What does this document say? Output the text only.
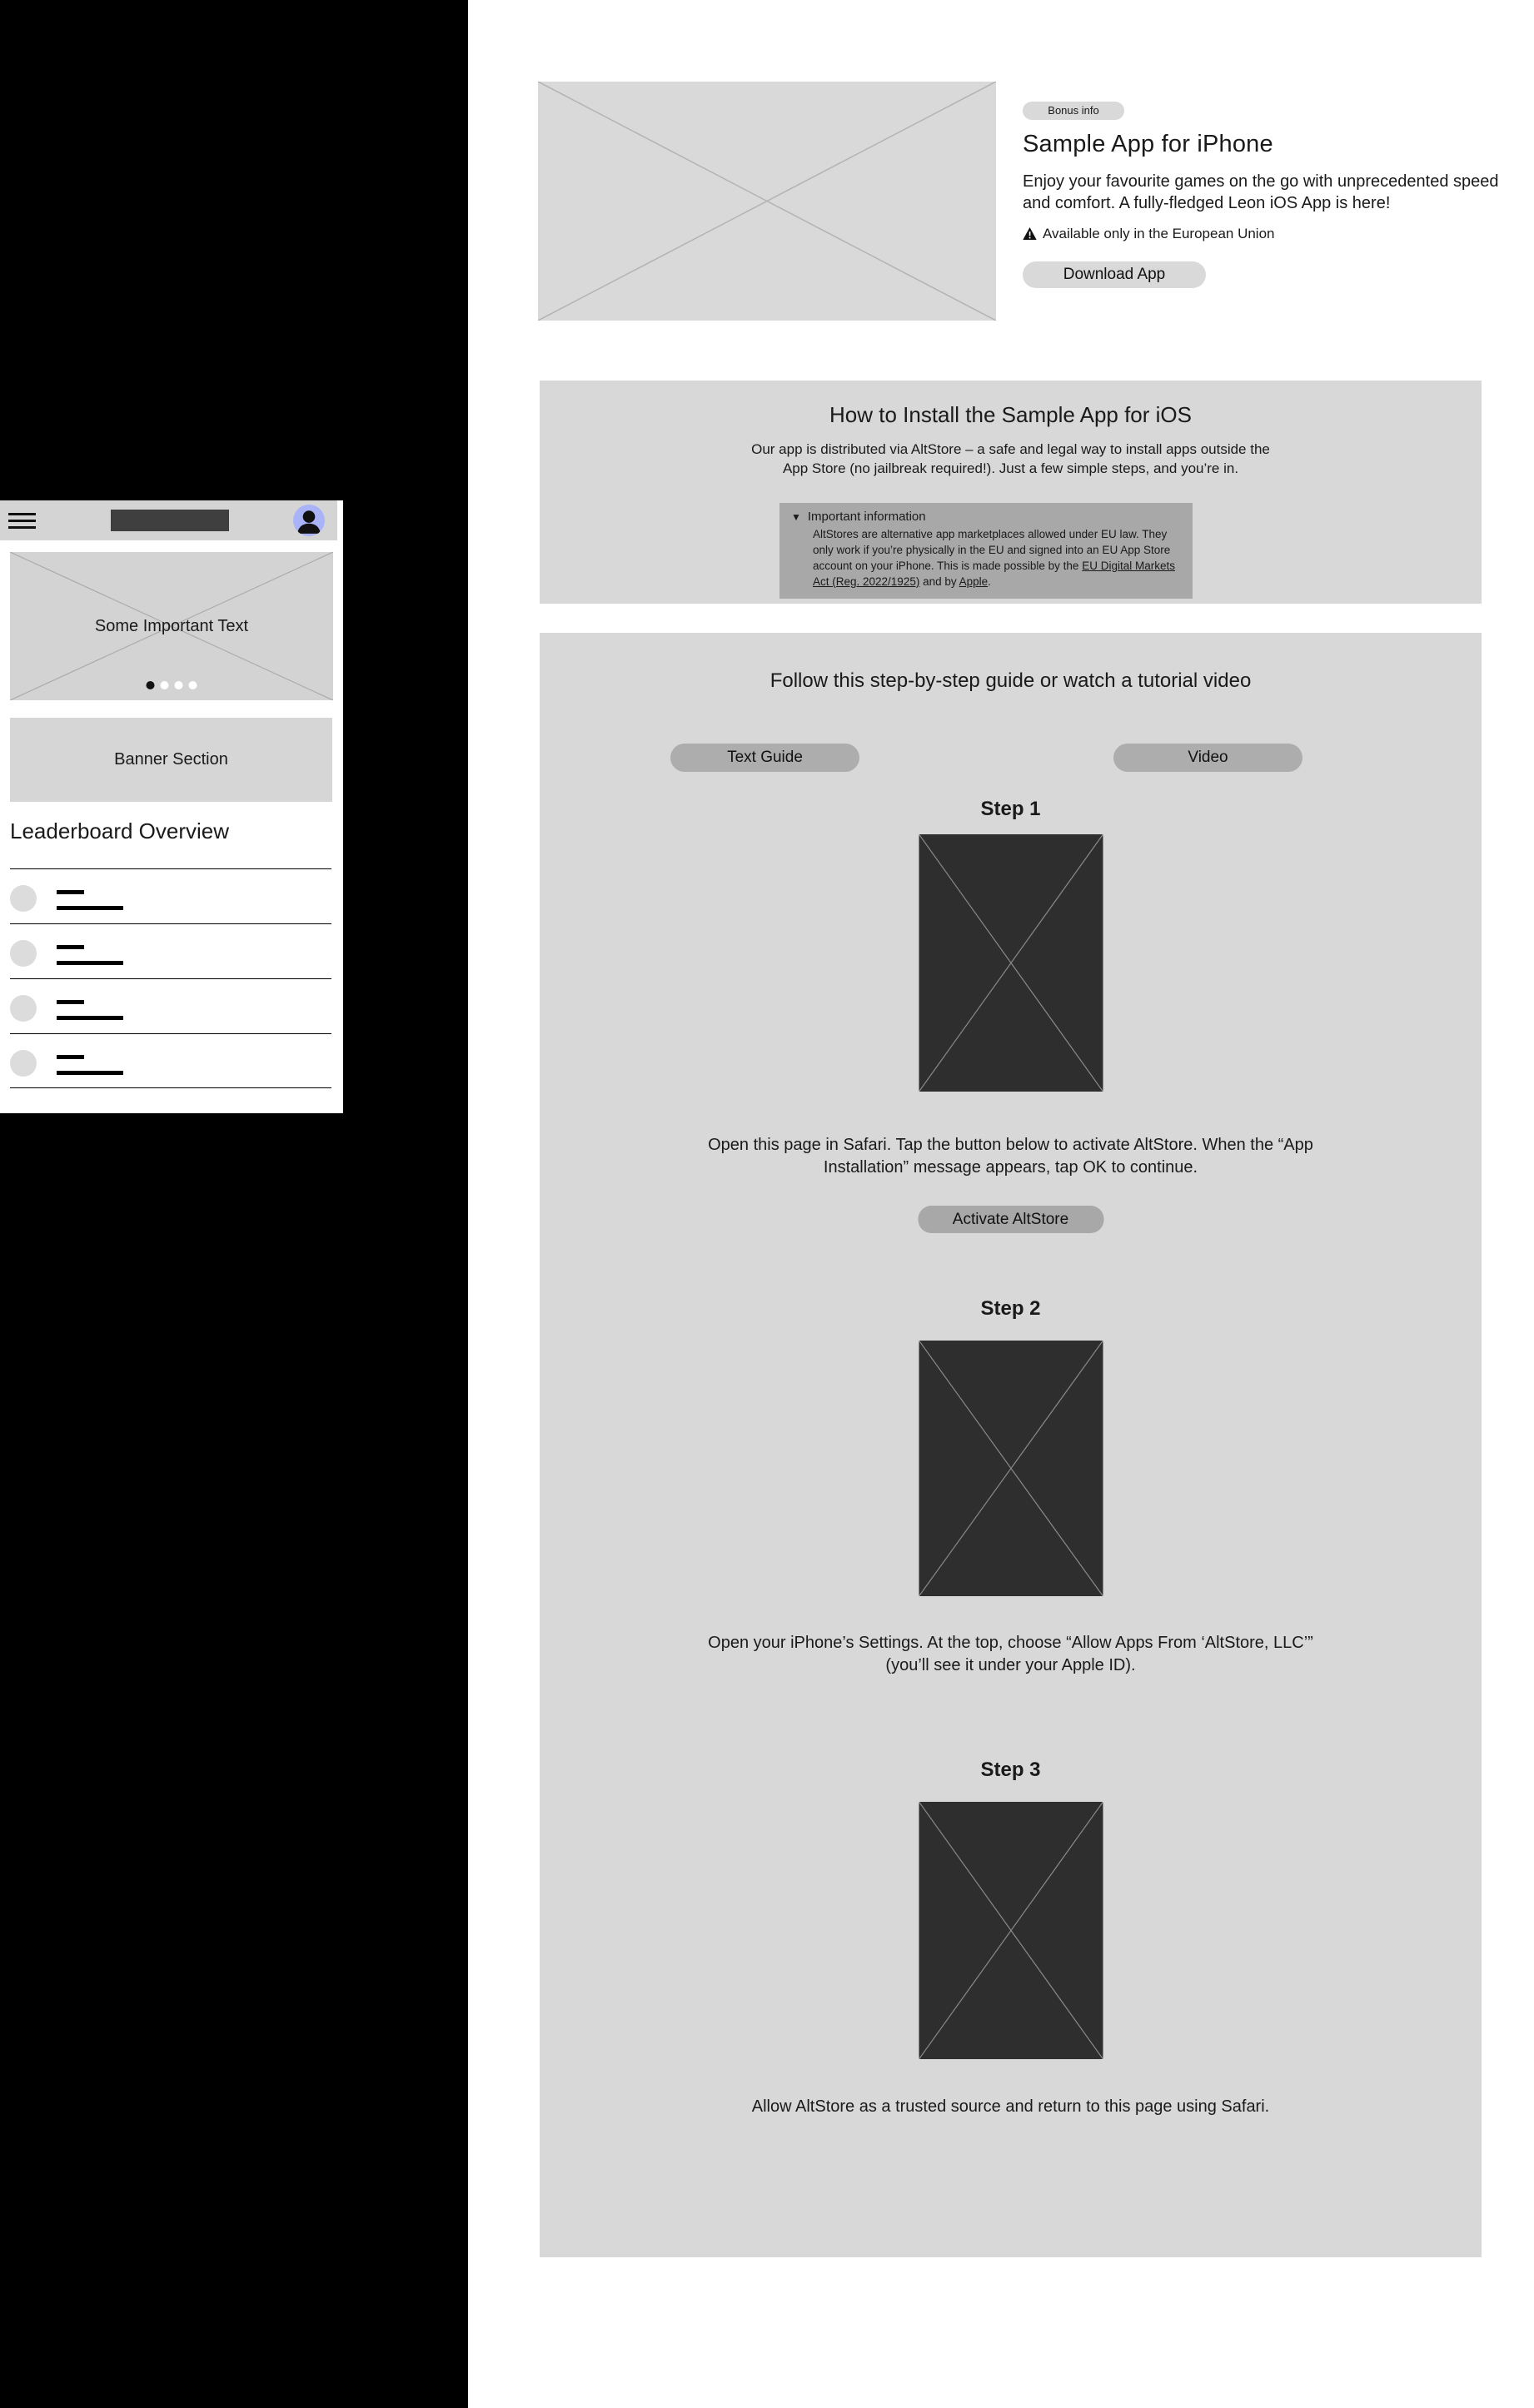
Bonus info
Sample App for iPhone

Enjoy your favourite games on the go with unprecedented speed and comfort. A fully-fledged Leon iOS App is here!

Available only in the European Union
Download App
How to Install the Sample App for iOS

Our app is distributed via AltStore – a safe and legal way to install apps outside the App Store (no jailbreak required!). Just a few simple steps, and you’re in.

▼ Important information

AltStores are alternative app marketplaces allowed under EU law. They only work if you’re physically in the EU and signed into an EU App Store account on your iPhone. This is made possible by the EU Digital Markets Act (Reg. 2022/1925) and by Apple.

Follow this step-by-step guide or watch a tutorial video
Text Guide	Video
Step 1

Open this page in Safari. Tap the button below to activate AltStore. When the “App Installation” message appears, tap OK to continue.

Activate AltStore
Step 2

Open your iPhone’s Settings. At the top, choose “Allow Apps From ‘AltStore, LLC’” (you’ll see it under your Apple ID).

Step 3

Allow AltStore as a trusted source and return to this page using Safari.

Some Important Text
Banner Section
Leaderboard Overview
